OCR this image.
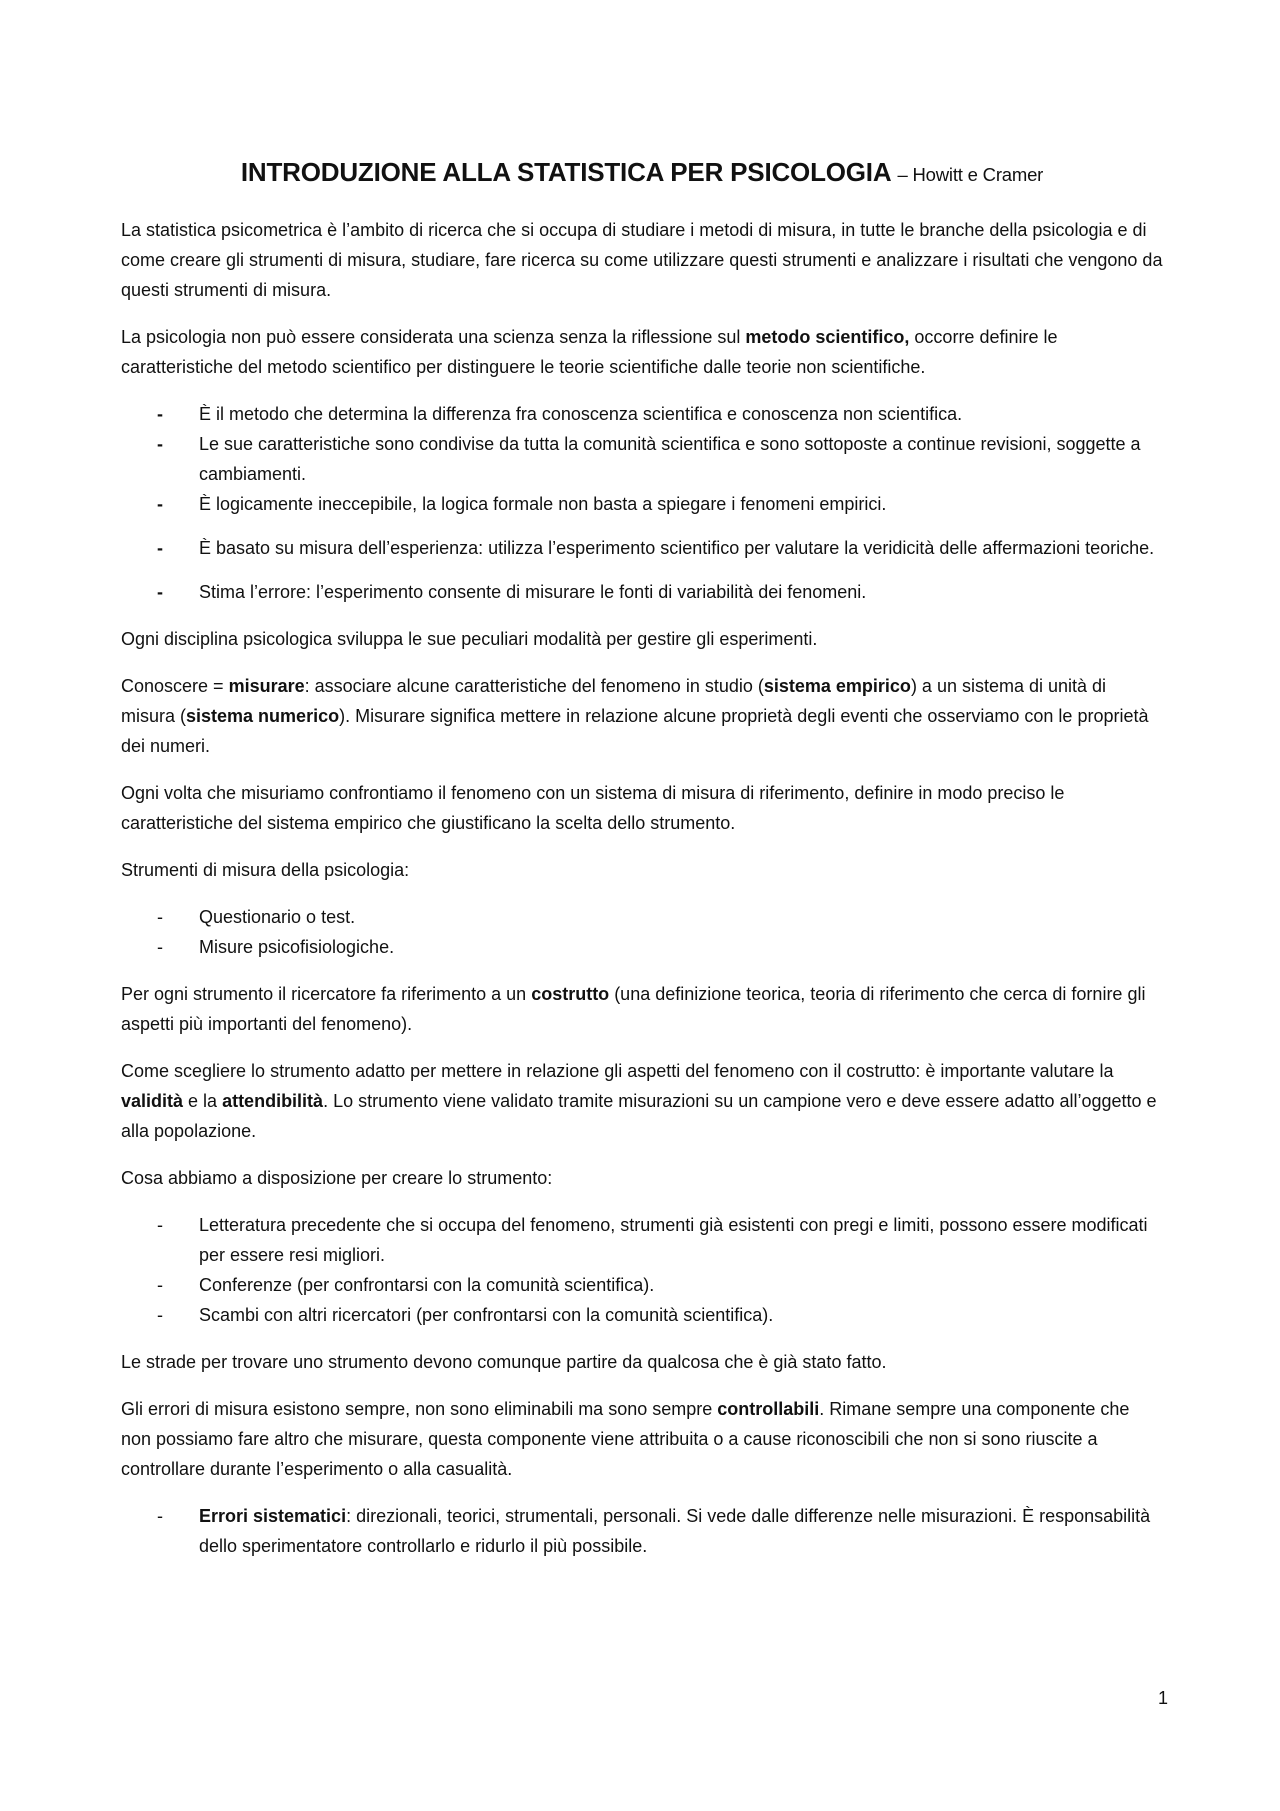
INTRODUZIONE ALLA STATISTICA PER PSICOLOGIA – Howitt e Cramer

La statistica psicometrica è l’ambito di ricerca che si occupa di studiare i metodi di misura, in tutte le branche della psicologia e di come creare gli strumenti di misura, studiare, fare ricerca su come utilizzare questi strumenti e analizzare i risultati che vengono da questi strumenti di misura.

La psicologia non può essere considerata una scienza senza la riflessione sul metodo scientifico, occorre definire le caratteristiche del metodo scientifico per distinguere le teorie scientifiche dalle teorie non scientifiche.

- È il metodo che determina la differenza fra conoscenza scientifica e conoscenza non scientifica.
- Le sue caratteristiche sono condivise da tutta la comunità scientifica e sono sottoposte a continue revisioni, soggette a cambiamenti.
- È logicamente ineccepibile, la logica formale non basta a spiegare i fenomeni empirici.
- È basato su misura dell’esperienza: utilizza l’esperimento scientifico per valutare la veridicità delle affermazioni teoriche.
- Stima l’errore: l’esperimento consente di misurare le fonti di variabilità dei fenomeni.

Ogni disciplina psicologica sviluppa le sue peculiari modalità per gestire gli esperimenti.

Conoscere = misurare: associare alcune caratteristiche del fenomeno in studio (sistema empirico) a un sistema di unità di misura (sistema numerico). Misurare significa mettere in relazione alcune proprietà degli eventi che osserviamo con le proprietà dei numeri.

Ogni volta che misuriamo confrontiamo il fenomeno con un sistema di misura di riferimento, definire in modo preciso le caratteristiche del sistema empirico che giustificano la scelta dello strumento.

Strumenti di misura della psicologia:

- Questionario o test.
- Misure psicofisiologiche.

Per ogni strumento il ricercatore fa riferimento a un costrutto (una definizione teorica, teoria di riferimento che cerca di fornire gli aspetti più importanti del fenomeno).

Come scegliere lo strumento adatto per mettere in relazione gli aspetti del fenomeno con il costrutto: è importante valutare la validità e la attendibilità. Lo strumento viene validato tramite misurazioni su un campione vero e deve essere adatto all’oggetto e alla popolazione.

Cosa abbiamo a disposizione per creare lo strumento:

- Letteratura precedente che si occupa del fenomeno, strumenti già esistenti con pregi e limiti, possono essere modificati per essere resi migliori.
- Conferenze (per confrontarsi con la comunità scientifica).
- Scambi con altri ricercatori (per confrontarsi con la comunità scientifica).

Le strade per trovare uno strumento devono comunque partire da qualcosa che è già stato fatto.

Gli errori di misura esistono sempre, non sono eliminabili ma sono sempre controllabili. Rimane sempre una componente che non possiamo fare altro che misurare, questa componente viene attribuita o a cause riconoscibili che non si sono riuscite a controllare durante l’esperimento o alla casualità.

- Errori sistematici: direzionali, teorici, strumentali, personali. Si vede dalle differenze nelle misurazioni. È responsabilità dello sperimentatore controllarlo e ridurlo il più possibile.
1
